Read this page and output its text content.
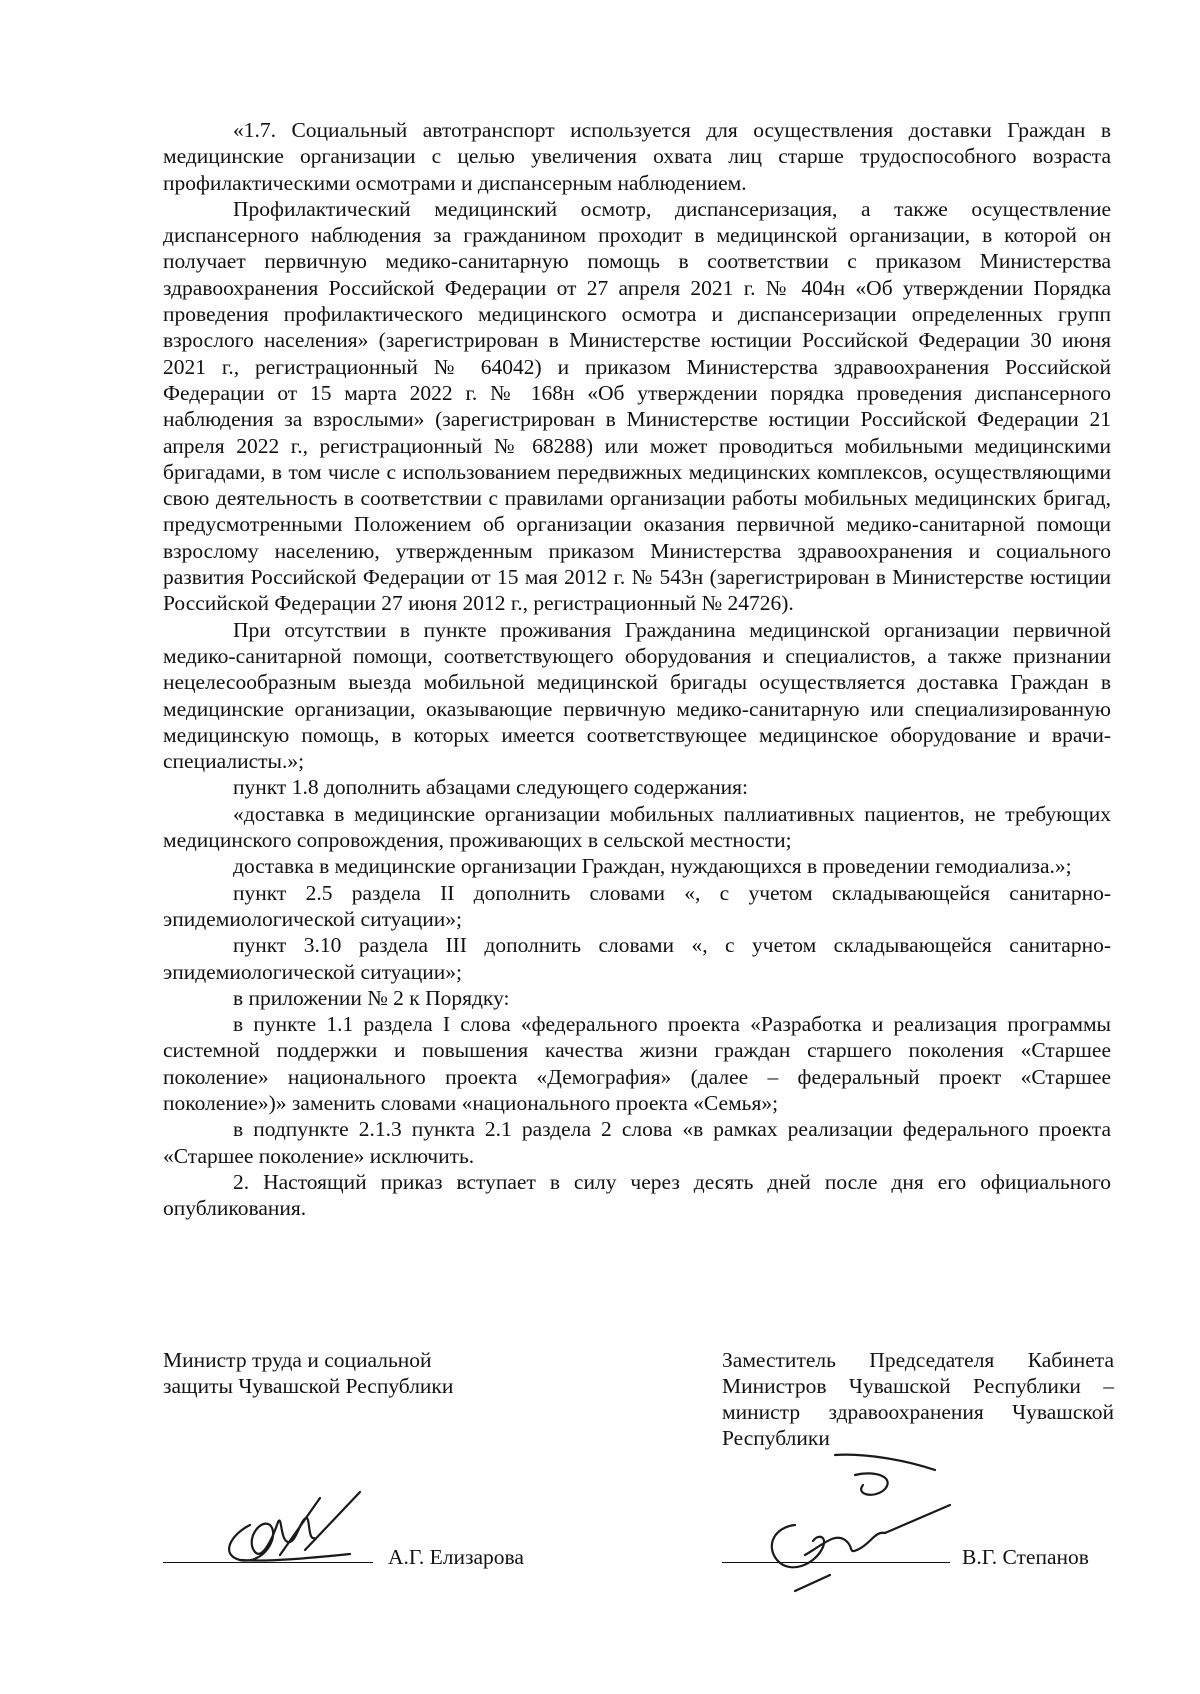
«1.7. Социальный автотранспорт используется для осуществления доставки Граждан в медицинские организации с целью увеличения охвата лиц старше трудоспособного возраста профилактическими осмотрами и диспансерным наблюдением.

Профилактический медицинский осмотр, диспансеризация, а также осуществление диспансерного наблюдения за гражданином проходит в медицинской организации, в которой он получает первичную медико-санитарную помощь в соответствии с приказом Министерства здравоохранения Российской Федерации от 27 апреля 2021 г. № 404н «Об утверждении Порядка проведения профилактического медицинского осмотра и диспансеризации определенных групп взрослого населения» (зарегистрирован в Министерстве юстиции Российской Федерации 30 июня 2021 г., регистрационный № 64042) и приказом Министерства здравоохранения Российской Федерации от 15 марта 2022 г. № 168н «Об утверждении порядка проведения диспансерного наблюдения за взрослыми» (зарегистрирован в Министерстве юстиции Российской Федерации 21 апреля 2022 г., регистрационный № 68288) или может проводиться мобильными медицинскими бригадами, в том числе с использованием передвижных медицинских комплексов, осуществляющими свою деятельность в соответствии с правилами организации работы мобильных медицинских бригад, предусмотренными Положением об организации оказания первичной медико-санитарной помощи взрослому населению, утвержденным приказом Министерства здравоохранения и социального развития Российской Федерации от 15 мая 2012 г. № 543н (зарегистрирован в Министерстве юстиции Российской Федерации 27 июня 2012 г., регистрационный № 24726).

При отсутствии в пункте проживания Гражданина медицинской организации первичной медико-санитарной помощи, соответствующего оборудования и специалистов, а также признании нецелесообразным выезда мобильной медицинской бригады осуществляется доставка Граждан в медицинские организации, оказывающие первичную медико-санитарную или специализированную медицинскую помощь, в которых имеется соответствующее медицинское оборудование и врачи-специалисты.»;

пункт 1.8 дополнить абзацами следующего содержания:

«доставка в медицинские организации мобильных паллиативных пациентов, не требующих медицинского сопровождения, проживающих в сельской местности;

доставка в медицинские организации Граждан, нуждающихся в проведении гемодиализа.»;

пункт 2.5 раздела II дополнить словами «, с учетом складывающейся санитарно-эпидемиологической ситуации»;

пункт 3.10 раздела III дополнить словами «, с учетом складывающейся санитарно-эпидемиологической ситуации»;

в приложении № 2 к Порядку:

в пункте 1.1 раздела I слова «федерального проекта «Разработка и реализация программы системной поддержки и повышения качества жизни граждан старшего поколения «Старшее поколение» национального проекта «Демография» (далее – федеральный проект «Старшее поколение»)» заменить словами «национального проекта «Семья»;

в подпункте 2.1.3 пункта 2.1 раздела 2 слова «в рамках реализации федерального проекта «Старшее поколение» исключить.

2. Настоящий приказ вступает в силу через десять дней после дня его официального опубликования.

Министр труда и социальной
защиты Чувашской Республики
А.Г. Елизарова
Заместитель Председателя Кабинета
Министров Чувашской Республики –
министр здравоохранения Чувашской
Республики
В.Г. Степанов
